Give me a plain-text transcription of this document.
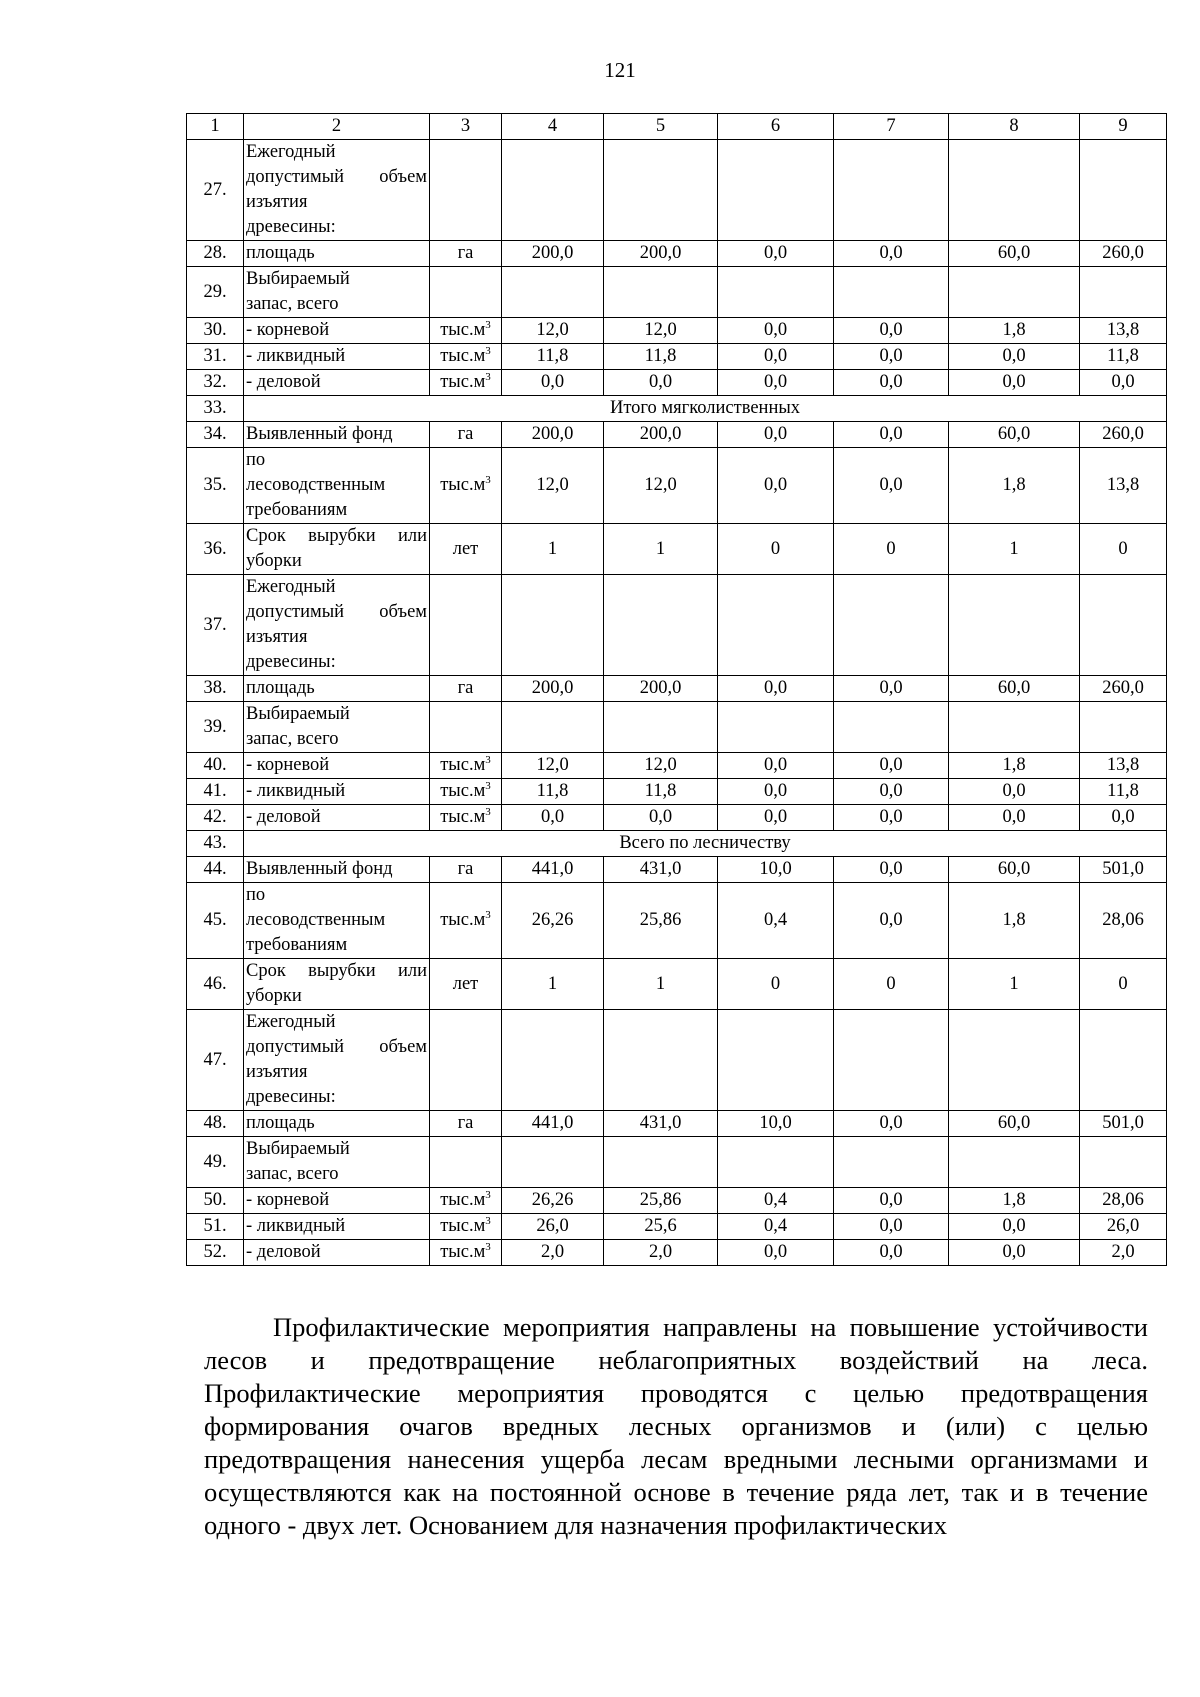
121
1	2	3	4	5	6	7	8	9
27.	Ежегодный
допустимый объем
изъятия
древесины:							

28.	площадь	га	200,0	200,0	0,0	0,0	60,0	260,0
29.	Выбираемый
запас, всего							

30.	- корневой	$тыс.м^3$	12,0	12,0	0,0	0,0	1,8	13,8
31.	- ликвидный	$тыс.м^3$	11,8	11,8	0,0	0,0	0,0	11,8
32.	- деловой	$тыс.м^3$	0,0	0,0	0,0	0,0	0,0	0,0
33.	Итого мягколиственных							
34.	Выявленный фонд	га	200,0	200,0	0,0	0,0	60,0	260,0
35.	по
лесоводственным
требованиям	$тыс.м^3$	12,0	12,0	0,0	0,0	1,8	13,8
36.	Срок вырубки или
уборки	лет	1	1	0	0	1	0
37.	Ежегодный
допустимый объем
изъятия
древесины:							

38.	площадь	га	200,0	200,0	0,0	0,0	60,0	260,0
39.	Выбираемый
запас, всего							

40.	- корневой	$тыс.м^3$	12,0	12,0	0,0	0,0	1,8	13,8
41.	- ликвидный	$тыс.м^3$	11,8	11,8	0,0	0,0	0,0	11,8
42.	- деловой	$тыс.м^3$	0,0	0,0	0,0	0,0	0,0	0,0
43.	Всего по лесничеству							
44.	Выявленный фонд	га	441,0	431,0	10,0	0,0	60,0	501,0
45.	по
лесоводственным
требованиям	$тыс.м^3$	26,26	25,86	0,4	0,0	1,8	28,06
46.	Срок вырубки или
уборки	лет	1	1	0	0	1	0
47.	Ежегодный
допустимый объем
изъятия
древесины:							

48.	площадь	га	441,0	431,0	10,0	0,0	60,0	501,0
49.	Выбираемый
запас, всего							

50.	- корневой	$тыс.м^3$	26,26	25,86	0,4	0,0	1,8	28,06
51.	- ликвидный	$тыс.м^3$	26,0	25,6	0,4	0,0	0,0	26,0
52.	- деловой	$тыс.м^3$	2,0	2,0	0,0	0,0	0,0	2,0

Профилактические мероприятия направлены на повышение устойчивости лесов и предотвращение неблагоприятных воздействий на леса. Профилактические мероприятия проводятся с целью предотвращения формирования очагов вредных лесных организмов и (или) с целью предотвращения нанесения ущерба лесам вредными лесными организмами и осуществляются как на постоянной основе в течение ряда лет, так и в течение одного - двух лет. Основанием для назначения профилактических
